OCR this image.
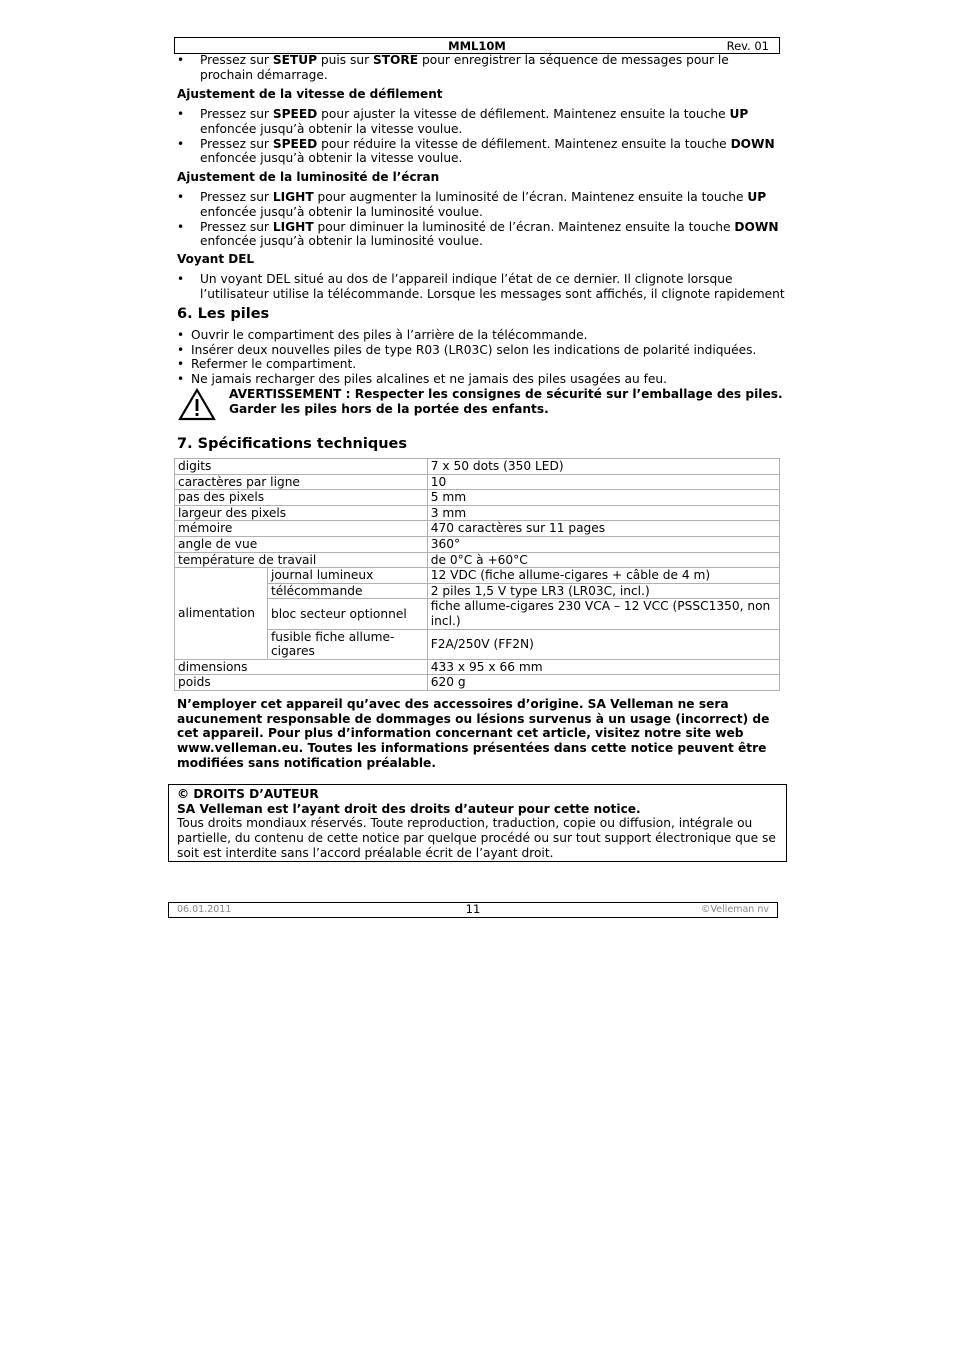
MML10M	Rev. 01
• Pressez sur SETUP puis sur STORE pour enregistrer la séquence de messages pour le
prochain démarrage.
Ajustement de la vitesse de défilement
• Pressez sur SPEED pour ajuster la vitesse de défilement. Maintenez ensuite la touche UP
enfoncée jusqu’à obtenir la vitesse voulue.
• Pressez sur SPEED pour réduire la vitesse de défilement. Maintenez ensuite la touche DOWN
enfoncée jusqu’à obtenir la vitesse voulue.
Ajustement de la luminosité de l’écran
• Pressez sur LIGHT pour augmenter la luminosité de l’écran. Maintenez ensuite la touche UP
enfoncée jusqu’à obtenir la luminosité voulue.
• Pressez sur LIGHT pour diminuer la luminosité de l’écran. Maintenez ensuite la touche DOWN
enfoncée jusqu’à obtenir la luminosité voulue.
Voyant DEL
• Un voyant DEL situé au dos de l’appareil indique l’état de ce dernier. Il clignote lorsque
l’utilisateur utilise la télécommande. Lorsque les messages sont affichés, il clignote rapidement
6. Les piles
• Ouvrir le compartiment des piles à l’arrière de la télécommande.
• Insérer deux nouvelles piles de type R03 (LR03C) selon les indications de polarité indiquées.
• Refermer le compartiment.
• Ne jamais recharger des piles alcalines et ne jamais des piles usagées au feu.
AVERTISSEMENT : Respecter les consignes de sécurité sur l’emballage des piles.
Garder les piles hors de la portée des enfants.
7. Spécifications techniques
digits		7 x 50 dots (350 LED)
caractères par ligne		10
pas des pixels		5 mm
largeur des pixels		3 mm
mémoire		470 caractères sur 11 pages
angle de vue		360°
température de travail		de 0°C à +60°C
alimentation	journal lumineux	12 VDC (fiche allume-cigares + câble de 4 m)
	télécommande	2 piles 1,5 V type LR3 (LR03C, incl.)
	bloc secteur optionnel	fiche allume-cigares 230 VCA – 12 VCC (PSSC1350, non incl.)
	fusible fiche allume-cigares	F2A/250V (FF2N)
dimensions		433 x 95 x 66 mm
poids		620 g
N’employer cet appareil qu’avec des accessoires d’origine. SA Velleman ne sera
aucunement responsable de dommages ou lésions survenus à un usage (incorrect) de
cet appareil. Pour plus d’information concernant cet article, visitez notre site web
www.velleman.eu. Toutes les informations présentées dans cette notice peuvent être
modifiées sans notification préalable.
© DROITS D’AUTEUR
SA Velleman est l’ayant droit des droits d’auteur pour cette notice.
Tous droits mondiaux réservés. Toute reproduction, traduction, copie ou diffusion, intégrale ou
partielle, du contenu de cette notice par quelque procédé ou sur tout support électronique que se
soit est interdite sans l’accord préalable écrit de l’ayant droit.
06.01.2011	11	©Velleman nv
